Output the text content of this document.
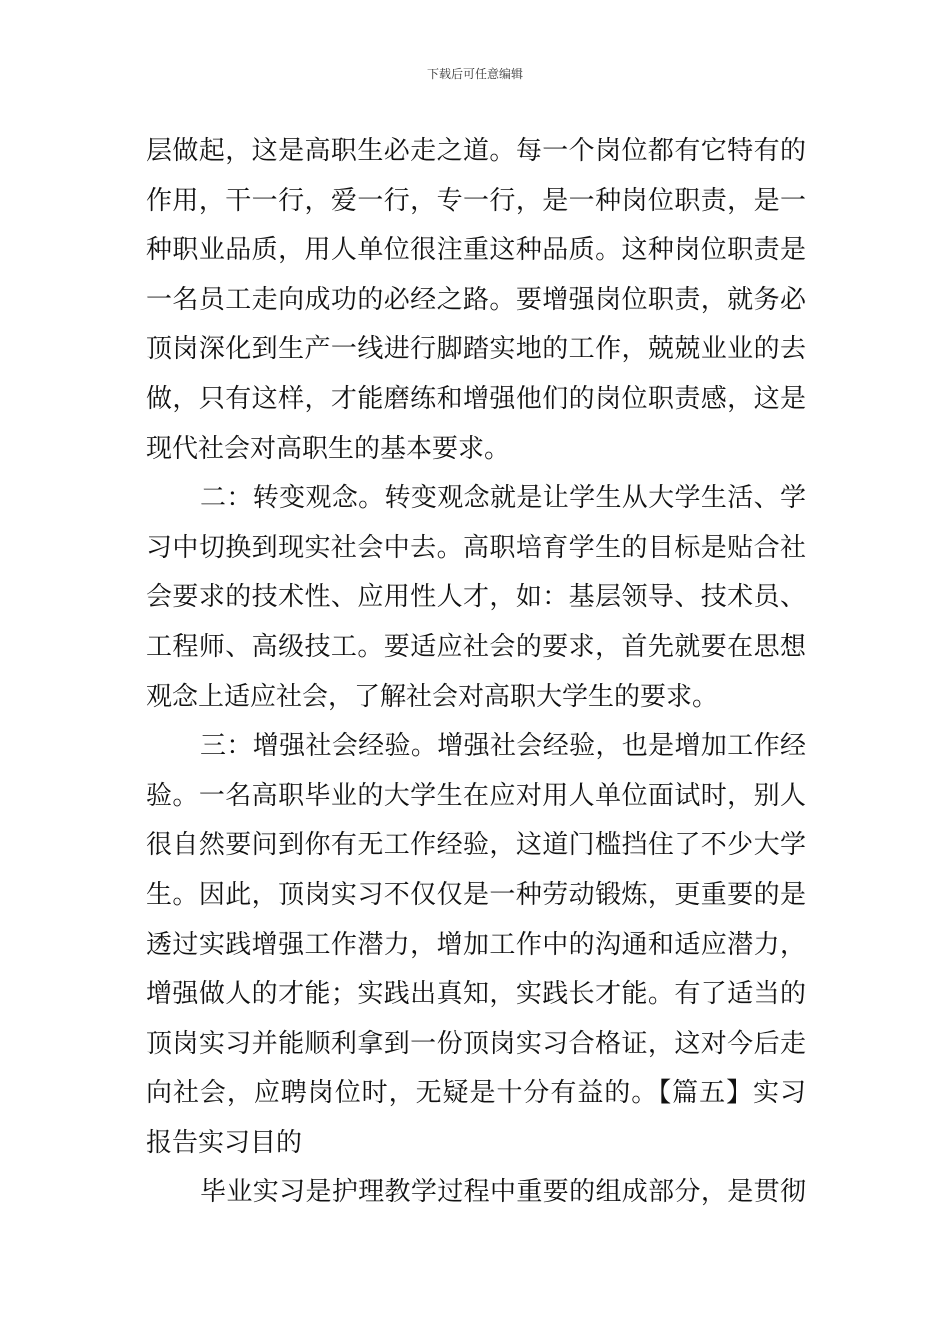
下载后可任意编辑
层做起，这是高职生必走之道。每一个岗位都有它特有的
作用，干一行，爱一行，专一行，是一种岗位职责，是一
种职业品质，用人单位很注重这种品质。这种岗位职责是
一名员工走向成功的必经之路。要增强岗位职责，就务必
顶岗深化到生产一线进行脚踏实地的工作，兢兢业业的去
做，只有这样，才能磨练和增强他们的岗位职责感，这是
现代社会对高职生的基本要求。
二：转变观念。转变观念就是让学生从大学生活、学
习中切换到现实社会中去。高职培育学生的目标是贴合社
会要求的技术性、应用性人才，如：基层领导、技术员、
工程师、高级技工。要适应社会的要求，首先就要在思想
观念上适应社会，了解社会对高职大学生的要求。
三：增强社会经验。增强社会经验，也是增加工作经
验。一名高职毕业的大学生在应对用人单位面试时，别人
很自然要问到你有无工作经验，这道门槛挡住了不少大学
生。因此，顶岗实习不仅仅是一种劳动锻炼，更重要的是
透过实践增强工作潜力，增加工作中的沟通和适应潜力，
增强做人的才能；实践出真知，实践长才能。有了适当的
顶岗实习并能顺利拿到一份顶岗实习合格证，这对今后走
向社会，应聘岗位时，无疑是十分有益的。【篇五】实习
报告实习目的
毕业实习是护理教学过程中重要的组成部分，是贯彻
